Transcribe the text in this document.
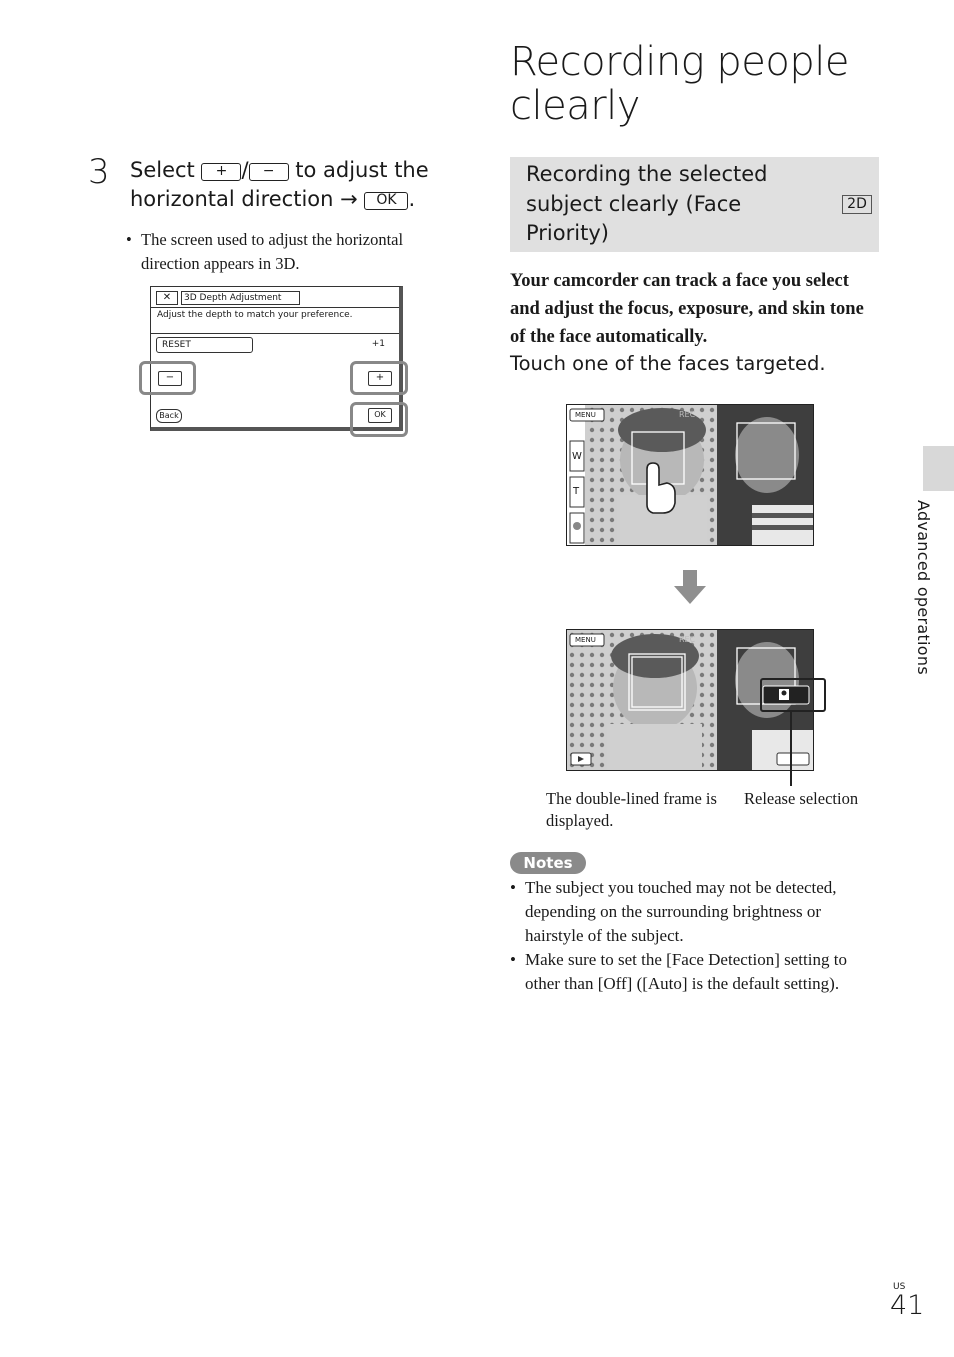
3 Select + / − to adjust the horizontal direction → OK .
• The screen used to adjust the horizontal direction appears in 3D.
✕	3D Depth Adjustment
Adjust the depth to match your preference.
RESET	+1
−	+
Back	OK
Recording people clearly
Recording the selected subject clearly (Face Priority)
2D
Your camcorder can track a face you select and adjust the focus, exposure, and skin tone of the face automatically.
Touch one of the faces targeted.
MENU	REC
W
T
MENU	REC
The double-lined frame is displayed.
Release selection
Notes
• The subject you touched may not be detected, depending on the surrounding brightness or hairstyle of the subject.
• Make sure to set the [Face Detection] setting to other than [Off] ([Auto] is the default setting).
Advanced operations
US
41
